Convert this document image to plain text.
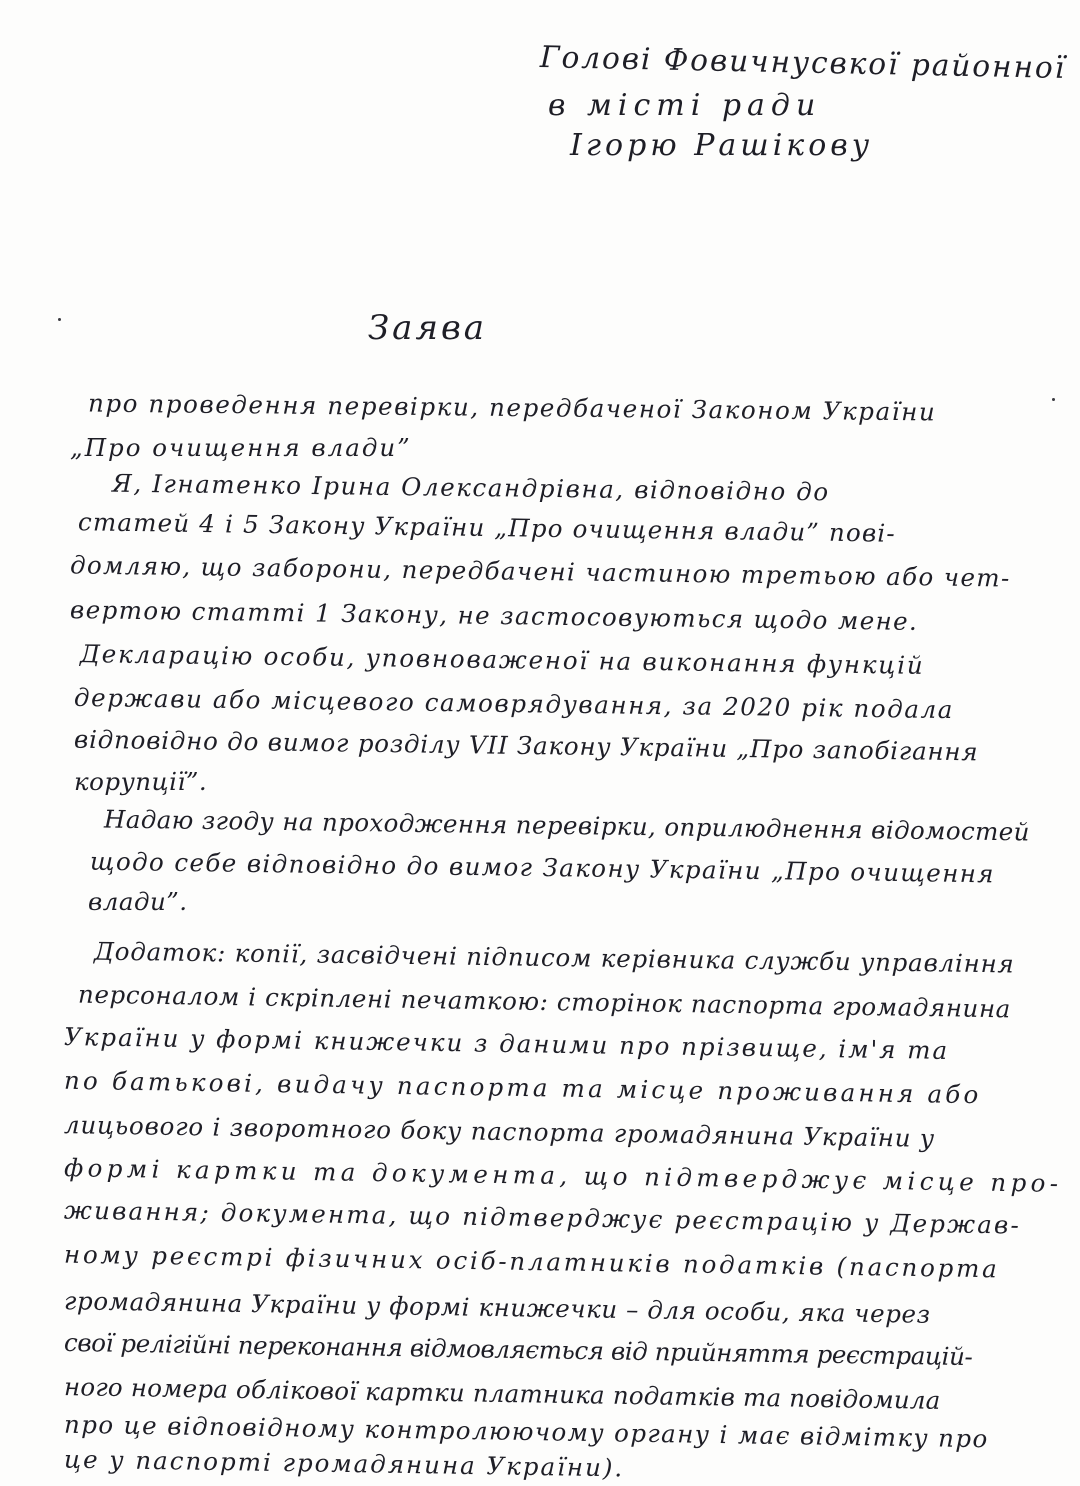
Голові Фовичнусвкої районної
в місті ради
Ігорю Рашікову
Заява
про проведення перевірки, передбаченої Законом України
„Про очищення влади”
Я, Ігнатенко Ірина Олександрівна, відповідно до
статей 4 і 5 Закону України „Про очищення влади” пові-
домляю, що заборони, передбачені частиною третьою або чет-
вертою статті 1 Закону, не застосовуються щодо мене.
Декларацію особи, уповноваженої на виконання функцій
держави або місцевого самоврядування, за 2020 рік подала
відповідно до вимог розділу VII Закону України „Про запобігання
корупції”.
Надаю згоду на проходження перевірки, оприлюднення відомостей
щодо себе відповідно до вимог Закону України „Про очищення
влади”.
Додаток: копії, засвідчені підписом керівника служби управління
персоналом і скріплені печаткою: сторінок паспорта громадянина
України у формі книжечки з даними про прізвище, ім'я та
по батькові, видачу паспорта та місце проживання або
лицьового і зворотного боку паспорта громадянина України у
формі картки та документа, що підтверджує місце про-
живання; документа, що підтверджує реєстрацію у Держав-
ному реєстрі фізичних осіб-платників податків (паспорта
громадянина України у формі книжечки – для особи, яка через
свої релігійні переконання відмовляється від прийняття реєстрацій-
ного номера облікової картки платника податків та повідомила
про це відповідному контролюючому органу і має відмітку про
це у паспорті громадянина України).
